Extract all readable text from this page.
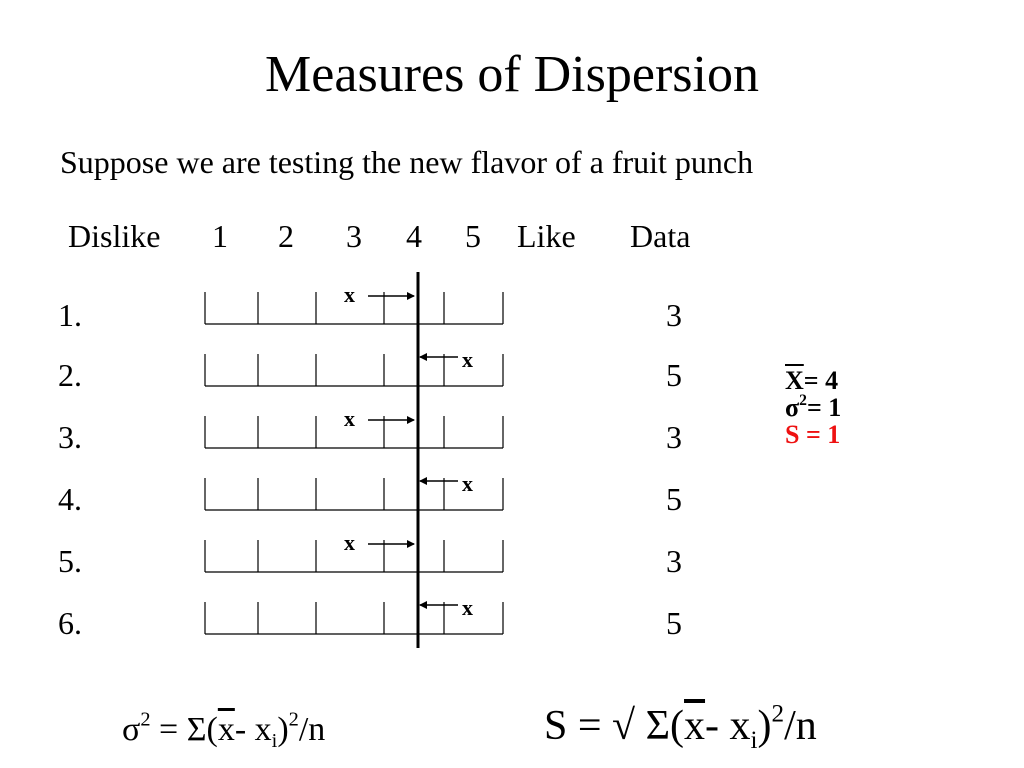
Measures of Dispersion
Suppose we are testing the new flavor of a fruit punch
Dislike 1 2 3 4 5 Like Data
1.
2.
3.
4.
5.
6.
3
5
3
5
3
5
x
x
x
x
x
x
$\overline{X}= 4$
$\sigma^2= 1$
S = 1
$\sigma^2 = \Sigma(\overline{x}-$ $x_i)^2/n$	S = √ $\Sigma(\overline{x}-$ $x_i)^2/n$
